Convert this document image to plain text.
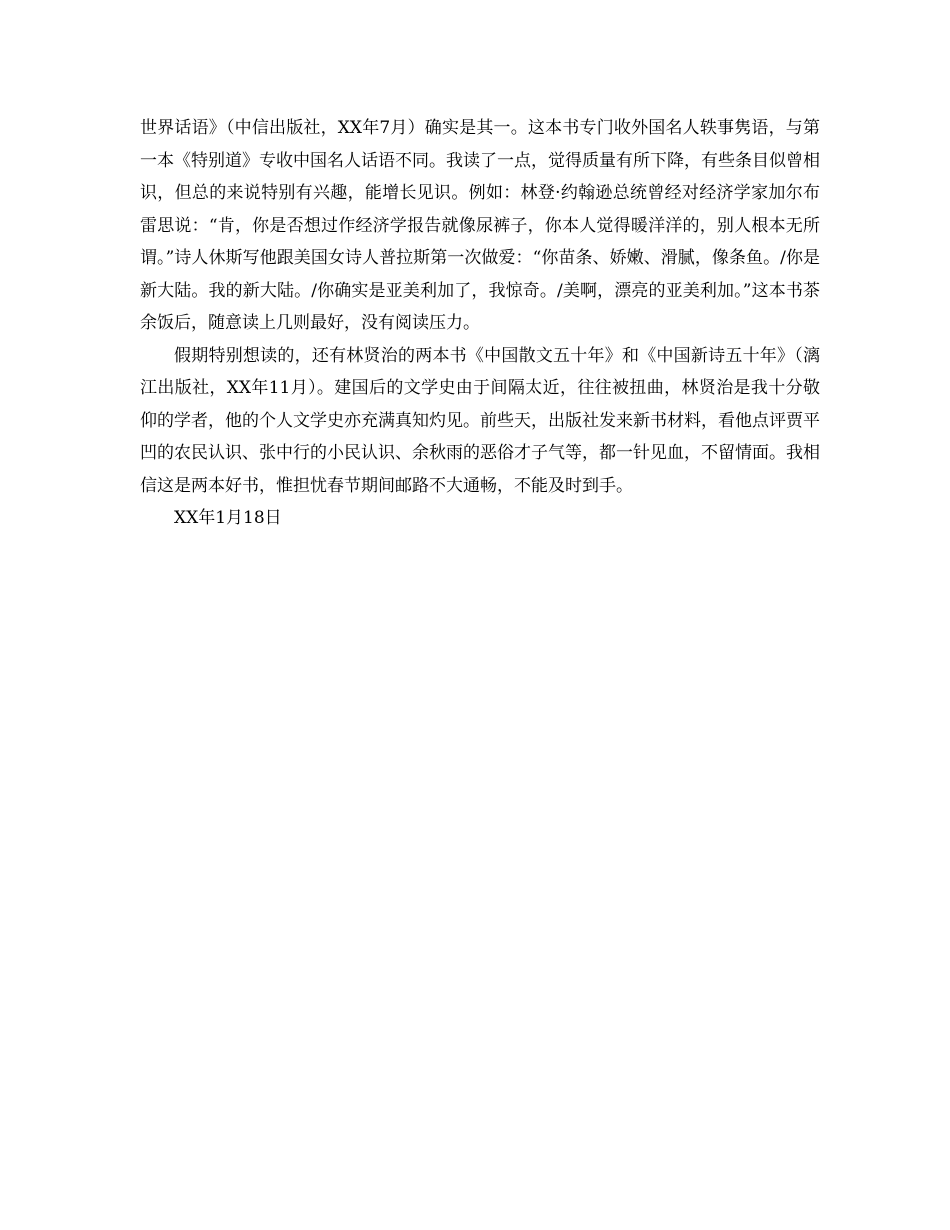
世界话语》（中信出版社，XX年7月）确实是其一。这本书专门收外国名人轶事隽语，与第一本《特别道》专收中国名人话语不同。我读了一点，觉得质量有所下降，有些条目似曾相识，但总的来说特别有兴趣，能增长见识。例如：林登·约翰逊总统曾经对经济学家加尔布雷思说：“肯，你是否想过作经济学报告就像尿裤子，你本人觉得暖洋洋的，别人根本无所谓。”诗人休斯写他跟美国女诗人普拉斯第一次做爱：“你苗条、娇嫩、滑腻，像条鱼。/你是新大陆。我的新大陆。/你确实是亚美利加了，我惊奇。/美啊，漂亮的亚美利加。”这本书茶余饭后，随意读上几则最好，没有阅读压力。

假期特别想读的，还有林贤治的两本书《中国散文五十年》和《中国新诗五十年》（漓江出版社，XX年11月）。建国后的文学史由于间隔太近，往往被扭曲，林贤治是我十分敬仰的学者，他的个人文学史亦充满真知灼见。前些天，出版社发来新书材料，看他点评贾平凹的农民认识、张中行的小民认识、余秋雨的恶俗才子气等，都一针见血，不留情面。我相信这是两本好书，惟担忧春节期间邮路不大通畅，不能及时到手。

XX年1月18日
